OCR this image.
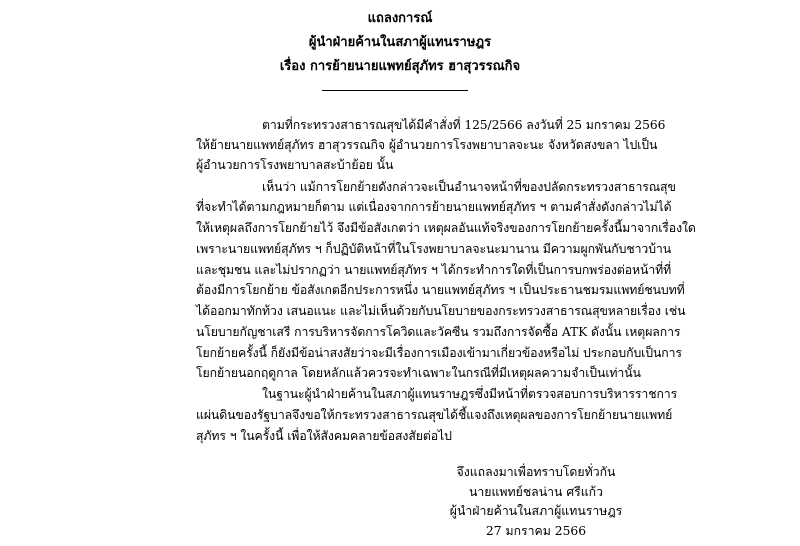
แถลงการณ์
ผู้นำฝ่ายค้านในสภาผู้แทนราษฎร
เรื่อง การย้ายนายแพทย์สุภัทร ฮาสุวรรณกิจ
ตามที่กระทรวงสาธารณสุขได้มีคำสั่งที่ 125/2566 ลงวันที่ 25 มกราคม 2566
ให้ย้ายนายแพทย์สุภัทร ฮาสุวรรณกิจ ผู้อำนวยการโรงพยาบาลจะนะ จังหวัดสงขลา ไปเป็น
ผู้อำนวยการโรงพยาบาลสะบ้าย้อย นั้น
เห็นว่า แม้การโยกย้ายดังกล่าวจะเป็นอำนาจหน้าที่ของปลัดกระทรวงสาธารณสุข
ที่จะทำได้ตามกฎหมายก็ตาม แต่เนื่องจากการย้ายนายแพทย์สุภัทร ฯ ตามคำสั่งดังกล่าวไม่ได้
ให้เหตุผลถึงการโยกย้ายไว้ จึงมีข้อสังเกตว่า เหตุผลอันแท้จริงของการโยกย้ายครั้งนี้มาจากเรื่องใด
เพราะนายแพทย์สุภัทร ฯ ก็ปฏิบัติหน้าที่ในโรงพยาบาลจะนะมานาน มีความผูกพันกับชาวบ้าน
และชุมชน และไม่ปรากฏว่า นายแพทย์สุภัทร ฯ ได้กระทำการใดที่เป็นการบกพร่องต่อหน้าที่ที่
ต้องมีการโยกย้าย ข้อสังเกตอีกประการหนึ่ง นายแพทย์สุภัทร ฯ เป็นประธานชมรมแพทย์ชนบทที่
ได้ออกมาทักท้วง เสนอแนะ และไม่เห็นด้วยกับนโยบายของกระทรวงสาธารณสุขหลายเรื่อง เช่น
นโยบายกัญชาเสรี การบริหารจัดการโควิดและวัคซีน รวมถึงการจัดซื้อ ATK ดังนั้น เหตุผลการ
โยกย้ายครั้งนี้ ก็ยังมีข้อน่าสงสัยว่าจะมีเรื่องการเมืองเข้ามาเกี่ยวข้องหรือไม่ ประกอบกับเป็นการ
โยกย้ายนอกฤดูกาล โดยหลักแล้วควรจะทำเฉพาะในกรณีที่มีเหตุผลความจำเป็นเท่านั้น
ในฐานะผู้นำฝ่ายค้านในสภาผู้แทนราษฎรซึ่งมีหน้าที่ตรวจสอบการบริหารราชการ
แผ่นดินของรัฐบาลจึงขอให้กระทรวงสาธารณสุขได้ชี้แจงถึงเหตุผลของการโยกย้ายนายแพทย์
สุภัทร ฯ ในครั้งนี้ เพื่อให้สังคมคลายข้อสงสัยต่อไป
จึงแถลงมาเพื่อทราบโดยทั่วกัน
นายแพทย์ชลน่าน ศรีแก้ว
ผู้นำฝ่ายค้านในสภาผู้แทนราษฎร
27 มกราคม 2566
